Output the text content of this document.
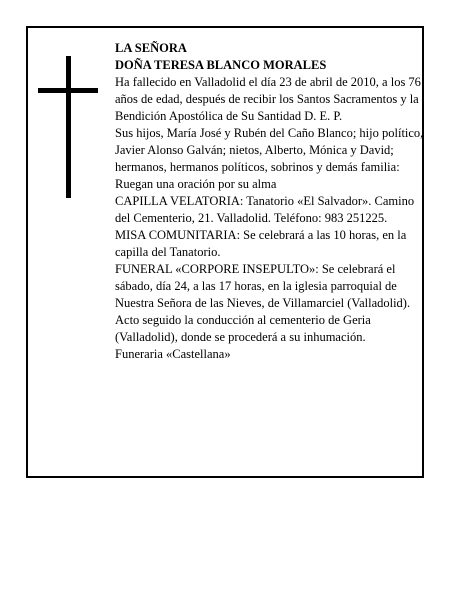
LA SEÑORA

DOÑA TERESA BLANCO MORALES

Ha fallecido en Valladolid el día 23 de abril de 2010, a los 76 años de edad, después de recibir los Santos Sacramentos y la Bendición Apostólica de Su Santidad D. E. P.

Sus hijos, María José y Rubén del Caño Blanco; hijo político, Javier Alonso Galván; nietos, Alberto, Mónica y David; hermanos, hermanos políticos, sobrinos y demás familia:

Ruegan una oración por su alma

CAPILLA VELATORIA: Tanatorio «El Salvador». Camino del Cementerio, 21. Valladolid. Teléfono: 983 251225.

MISA COMUNITARIA: Se celebrará a las 10 horas, en la capilla del Tanatorio.

FUNERAL «CORPORE INSEPULTO»: Se celebrará el sábado, día 24, a las 17 horas, en la iglesia parroquial de Nuestra Señora de las Nieves, de Villamarciel (Valladolid). Acto seguido la conducción al cementerio de Geria (Valladolid), donde se procederá a su inhumación.

Funeraria «Castellana»
